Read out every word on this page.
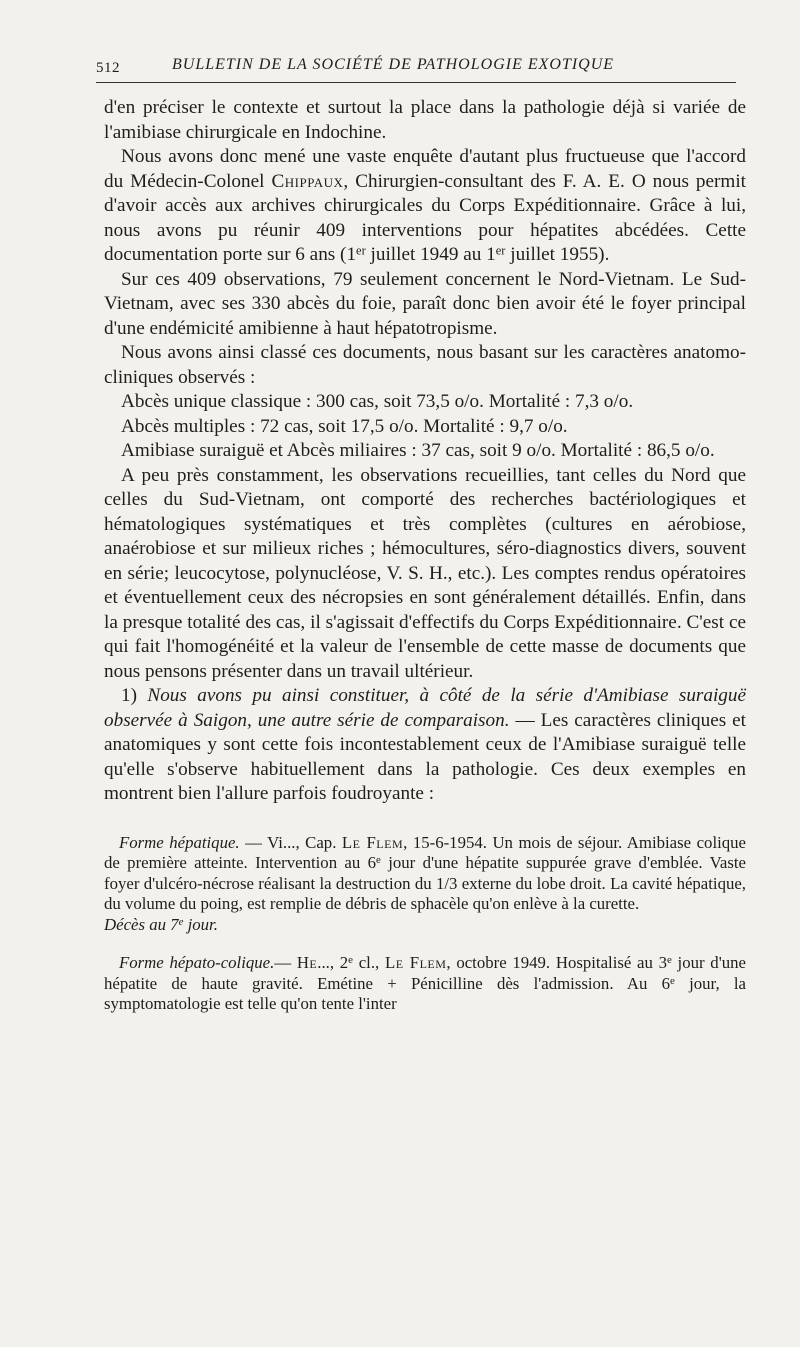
512	BULLETIN DE LA SOCIÉTÉ DE PATHOLOGIE EXOTIQUE

d'en préciser le contexte et surtout la place dans la pathologie déjà si variée de l'amibiase chirurgicale en Indochine.

Nous avons donc mené une vaste enquête d'autant plus fructueuse que l'accord du Médecin-Colonel Chippaux, Chirurgien-consultant des F. A. E. O nous permit d'avoir accès aux archives chirurgicales du Corps Expéditionnaire. Grâce à lui, nous avons pu réunir 409 interventions pour hépatites abcédées. Cette documentation porte sur 6 ans (1er juillet 1949 au 1er juillet 1955).

Sur ces 409 observations, 79 seulement concernent le Nord-Vietnam. Le Sud-Vietnam, avec ses 330 abcès du foie, paraît donc bien avoir été le foyer principal d'une endémicité amibienne à haut hépatotropisme.

Nous avons ainsi classé ces documents, nous basant sur les caractères anatomo-cliniques observés :

Abcès unique classique : 300 cas, soit 73,5 o/o. Mortalité : 7,3 o/o.

Abcès multiples : 72 cas, soit 17,5 o/o. Mortalité : 9,7 o/o.

Amibiase suraiguë et Abcès miliaires : 37 cas, soit 9 o/o. Mortalité : 86,5 o/o.

A peu près constamment, les observations recueillies, tant celles du Nord que celles du Sud-Vietnam, ont comporté des recherches bactériologiques et hématologiques systématiques et très complètes (cultures en aérobiose, anaérobiose et sur milieux riches ; hémocultures, séro-diagnostics divers, souvent en série; leucocytose, polynucléose, V. S. H., etc.). Les comptes rendus opératoires et éventuellement ceux des nécropsies en sont généralement détaillés. Enfin, dans la presque totalité des cas, il s'agissait d'effectifs du Corps Expéditionnaire. C'est ce qui fait l'homogénéité et la valeur de l'ensemble de cette masse de documents que nous pensons présenter dans un travail ultérieur.

1) Nous avons pu ainsi constituer, à côté de la série d'Amibiase suraiguë observée à Saigon, une autre série de comparaison. — Les caractères cliniques et anatomiques y sont cette fois incontestablement ceux de l'Amibiase suraiguë telle qu'elle s'observe habituellement dans la pathologie. Ces deux exemples en montrent bien l'allure parfois foudroyante :

Forme hépatique. — Vi..., Cap. Le Flem, 15-6-1954. Un mois de séjour. Amibiase colique de première atteinte. Intervention au 6e jour d'une hépatite suppurée grave d'emblée. Vaste foyer d'ulcéro-nécrose réalisant la destruction du 1/3 externe du lobe droit. La cavité hépatique, du volume du poing, est remplie de débris de sphacèle qu'on enlève à la curette.
Décès au 7e jour.

Forme hépato-colique.— He..., 2e cl., Le Flem, octobre 1949. Hospitalisé au 3e jour d'une hépatite de haute gravité. Emétine + Pénicilline dès l'admission. Au 6e jour, la symptomatologie est telle qu'on tente l'inter
